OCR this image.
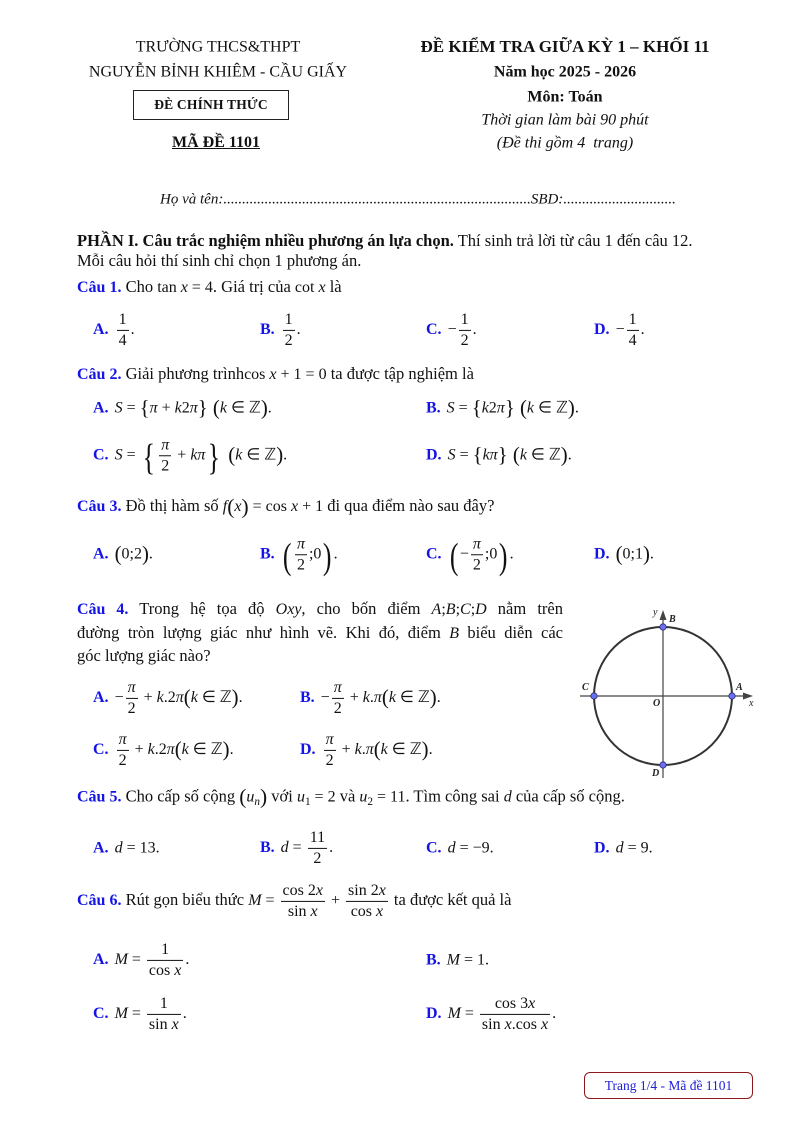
TRƯỜNG THCS&THPT
NGUYỄN BỈNH KHIÊM - CẦU GIẤY
ĐÈ CHÍNH THỨC
MÃ ĐỀ 1101
ĐỀ KIỂM TRA GIỮA KỲ 1 – KHỐI 11
Năm học 2025 - 2026
Môn: Toán
Thời gian làm bài 90 phút
(Đề thi gồm 4  trang)
Họ và tên:..................................................................................SBD:..............................
PHẦN I. Câu trắc nghiệm nhiều phương án lựa chọn. Thí sinh trả lời từ câu 1 đến câu 12.
Mỗi câu hỏi thí sinh chỉ chọn 1 phương án.
Câu 1. Cho tan x = 4. Giá trị của cot x là
A. $\frac{1}{4}$ .	B. $\frac{1}{2}$ .	C. − $\frac{1}{2}$ .	D. − $\frac{1}{4}$ .
Câu 2. Giải phương trìnhcos x + 1 = 0 ta được tập nghiệm là
A. S = {π + k2π} (k ∈ ℤ).	B. S = {k2π} (k ∈ ℤ).
C. S = { $\frac{\pi}{2} + k\pi$} (k ∈ ℤ).	D. S = {kπ} (k ∈ ℤ).
Câu 3. Đồ thị hàm số f(x) = cos x + 1 đi qua điểm nào sau đây?
A. (0;2).	B. ( $\frac{\pi}{2}$ ;0) .	C. ( − $\frac{\pi}{2}$ ;0) .	D. (0;1).
Câu 4. Trong hệ tọa độ Oxy, cho bốn điểm A;B;C;D nằm trên
đường tròn lượng giác như hình vẽ. Khi đó, điểm B biểu diễn các
góc lượng giác nào?
A. − $\frac{\pi}{2} + k.2\pi(k$ ∈ ℤ).	B. − $\frac{\pi}{2} + k.\pi(k$ ∈ ℤ).
C. $\frac{\pi}{2} + k.2\pi(k$ ∈ ℤ).	D. $\frac{\pi}{2} + k.\pi(k$ ∈ ℤ).
y
x
O
A
B
C
D
Câu 5. Cho cấp số cộng $(u_n)$ với $u_1 = 2$ và $u_2 = 11$. Tìm công sai d của cấp số cộng.
A. d = 13.	B. $d = \frac{11}{2}$ .	C. d = −9.	D. d = 9.
Câu 6. Rút gọn biểu thức $M = \frac{\cos 2x}{\text{sin x}} + \frac{\sin 2x}{\text{cos x}}$ ta được kết quả là
A. $M = \frac{1}{\text{cos x}}$ .	B. M = 1.
C. $M = \frac{1}{\text{sin x}}$ .	D. $M = \frac{\cos 3x}{\text{sin x.cos x}}$ .
Trang 1/4 - Mã đề 1101
